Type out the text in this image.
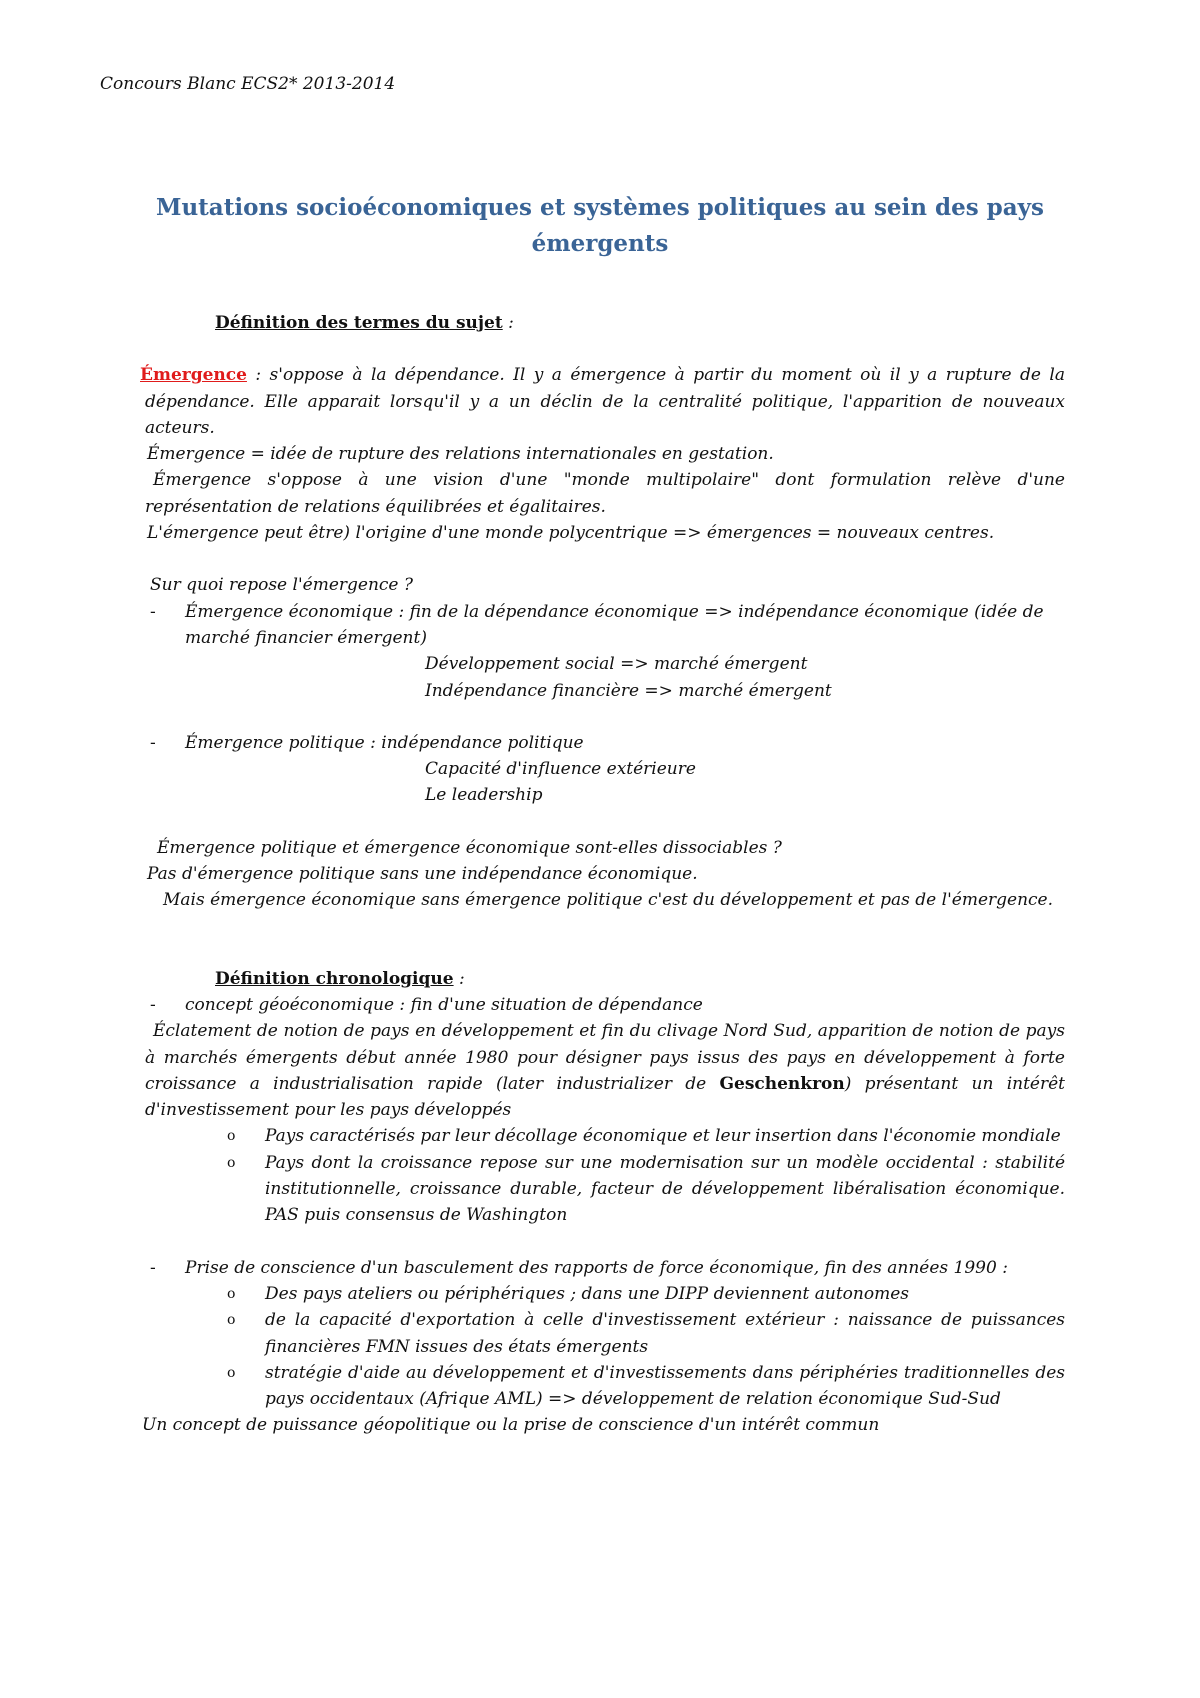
Concours Blanc ECS2* 2013-2014
Mutations socioéconomiques et systèmes politiques au sein des pays
émergents
Définition des termes du sujet :
Émergence : s'oppose à la dépendance. Il y a émergence à partir du moment où il y a rupture de la dépendance. Elle apparait lorsqu'il y a un déclin de la centralité politique, l'apparition de nouveaux acteurs.
Émergence = idée de rupture des relations internationales en gestation.
Émergence s'oppose à une vision d'une "monde multipolaire" dont formulation relève d'une représentation de relations équilibrées et égalitaires.
L'émergence peut être) l'origine d'une monde polycentrique => émergences = nouveaux centres.
Sur quoi repose l'émergence ?
- Émergence économique : fin de la dépendance économique => indépendance économique (idée de marché financier émergent)
Développement social => marché émergent
Indépendance financière => marché émergent
- Émergence politique : indépendance politique
Capacité d'influence extérieure
Le leadership
Émergence politique et émergence économique sont-elles dissociables ?
Pas d'émergence politique sans une indépendance économique.
Mais émergence économique sans émergence politique c'est du développement et pas de l'émergence.
Définition chronologique :
- concept géoéconomique : fin d'une situation de dépendance
Éclatement de notion de pays en développement et fin du clivage Nord Sud, apparition de notion de pays à marchés émergents début année 1980 pour désigner pays issus des pays en développement à forte croissance a industrialisation rapide (later industrializer de Geschenkron) présentant un intérêt d'investissement pour les pays développés
o Pays caractérisés par leur décollage économique et leur insertion dans l'économie mondiale
o Pays dont la croissance repose sur une modernisation sur un modèle occidental : stabilité institutionnelle, croissance durable, facteur de développement libéralisation économique. PAS puis consensus de Washington
- Prise de conscience d'un basculement des rapports de force économique, fin des années 1990 :
o Des pays ateliers ou périphériques ; dans une DIPP deviennent autonomes
o de la capacité d'exportation à celle d'investissement extérieur : naissance de puissances financières FMN issues des états émergents
o stratégie d'aide au développement et d'investissements dans périphéries traditionnelles des pays occidentaux (Afrique AML) => développement de relation économique Sud-Sud
Un concept de puissance géopolitique ou la prise de conscience d'un intérêt commun
